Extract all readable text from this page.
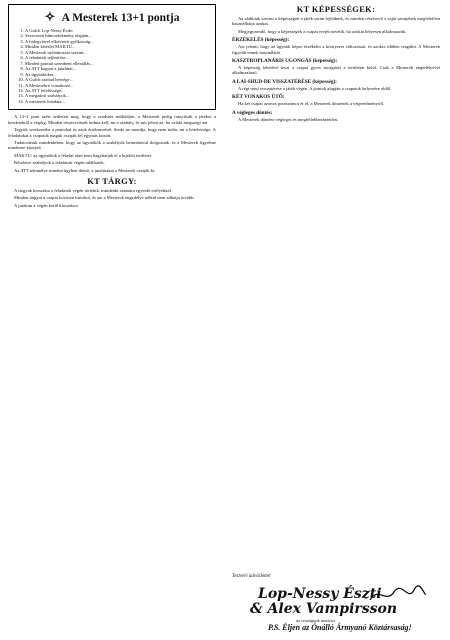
✧ A Mesterek 13+1 pontja
1. A Gulch Lop-Nessy Évún
2. Szervezett bűncselekmény alapján...
3. A hidegvérrel elkövetett gyilkosság...
4. Minden kísérlet MAKTU...
5. A Mesterek nyilatkozata szerint...
6. A feladatok teljesítése...
7. Minden ponttal szembeni ellenállás...
8. Az ATT kapjon a jutalmat...
9. Az ügynököket...
10. A Gulch szabad hétvége...
11. A Mesterekre vonatkozó...
12. Az ATT felelőssége...
13. A megadott szabályok...
14. A mesterek feladata...

A 13+1 pont azért született meg, hogy a rendszer működjön, a Mesterek pedig irányítsák a játékot a kezdetektől a végéig. Minden résztvevőnek tudnia kell, mi a szabály, és mit jelent az, ha valaki megszegi azt.

Tegyük szerkezetbe a pontokat és azok értelmezését. Senki ne mondja, hogy nem tudta, mi a kötelessége. A feladatokat a csapatok maguk osztják fel egymás között.

Tudatosítsuk mindenkiben, hogy az ügynökök a szabályok betartásával dolgoznak, és a Mesterek figyelme mindenre kiterjed.

MAKTU: az ügynökök a feladat alatt nem hagyhatják el a kijelölt területet.

Részletes szabályok a feladatok végén találhatók.

Az ATT tekintélye minden ügyben döntő, a jutalmakat a Mesterek osztják ki.

KT TÁRGY:

A tárgyak kiosztása a feladatok végén történik, mindenki számára egyenlő esélyekkel.

Minden tárgyat a csapat közösen birtokol, és azt a Mesterek engedélye nélkül nem adhatja tovább.

A jutalom a végén kerül kiosztásra.

KT KÉPESSÉGEK:

Az alábbiak szerint a képességek a játék során fejlődnek, és minden résztvevő a saját szintjének megfelelően használhatja azokat.

Megjegyzendő, hogy a képességek a csapat erejét növelik, ha azokat helyesen alkalmazzák.

ÉRZÉKELÉS (képesség):

Azt jelenti, hogy az ügynök képes érzékelni a környezet változásait, és azokra időben reagálni. A Mesterek figyelik ennek használatát.

KASZTROPLANÁRIS UGONGÁS (képesség):

A képesség lehetővé teszi a csapat gyors mozgását a területen belül. Csak a Mesterek engedélyével alkalmazható.

A LAI-SHUD-DE VISSZATÉRÉSE (képesség):

A régi rend visszatérése a játék végén. A pontok alapján a csapatok helyezése eldől.

KÉT VONAKOS ÜTŐ:

Ha két csapat azonos pontszámot ér el, a Mesterek döntenek a végeredményről.

A végleges döntés:

A Mesterek döntése végleges és megfellebbezhetetlen.

Testvéri üdvözlettel
Lop-Nessy Észti
& Alex Vampirsson
az országunk tanácsa
P.S. Éljen az Ónálló Ármyanó Köztársaság!
